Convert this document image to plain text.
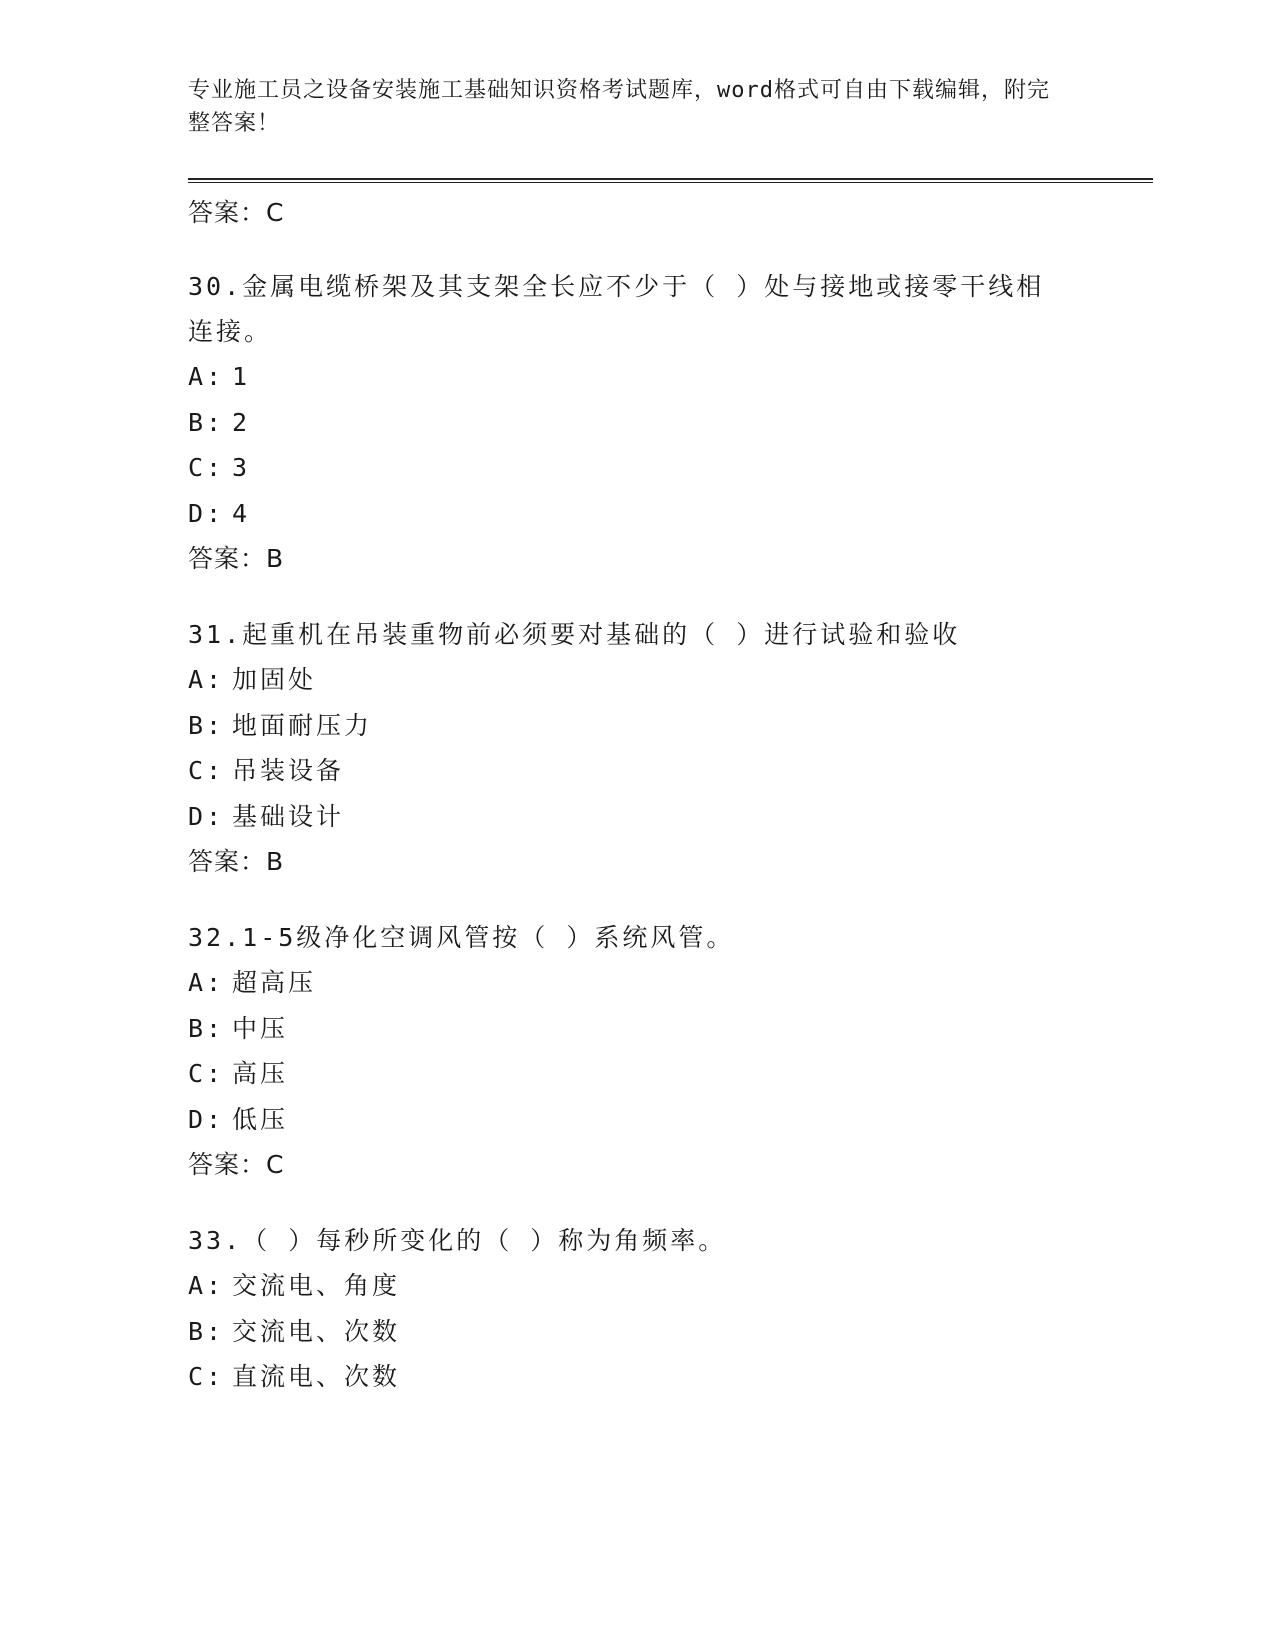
专业施工员之设备安装施工基础知识资格考试题库，word格式可自由下载编辑，附完整答案！
答案：C
30.金属电缆桥架及其支架全长应不少于（ ）处与接地或接零干线相连接。
A: 1
B: 2
C: 3
D: 4
答案：B
31.起重机在吊装重物前必须要对基础的（ ）进行试验和验收
A: 加固处
B: 地面耐压力
C: 吊装设备
D: 基础设计
答案：B
32.1-5级净化空调风管按（ ）系统风管。
A: 超高压
B: 中压
C: 高压
D: 低压
答案：C
33.（ ）每秒所变化的（ ）称为角频率。
A: 交流电、角度
B: 交流电、次数
C: 直流电、次数
